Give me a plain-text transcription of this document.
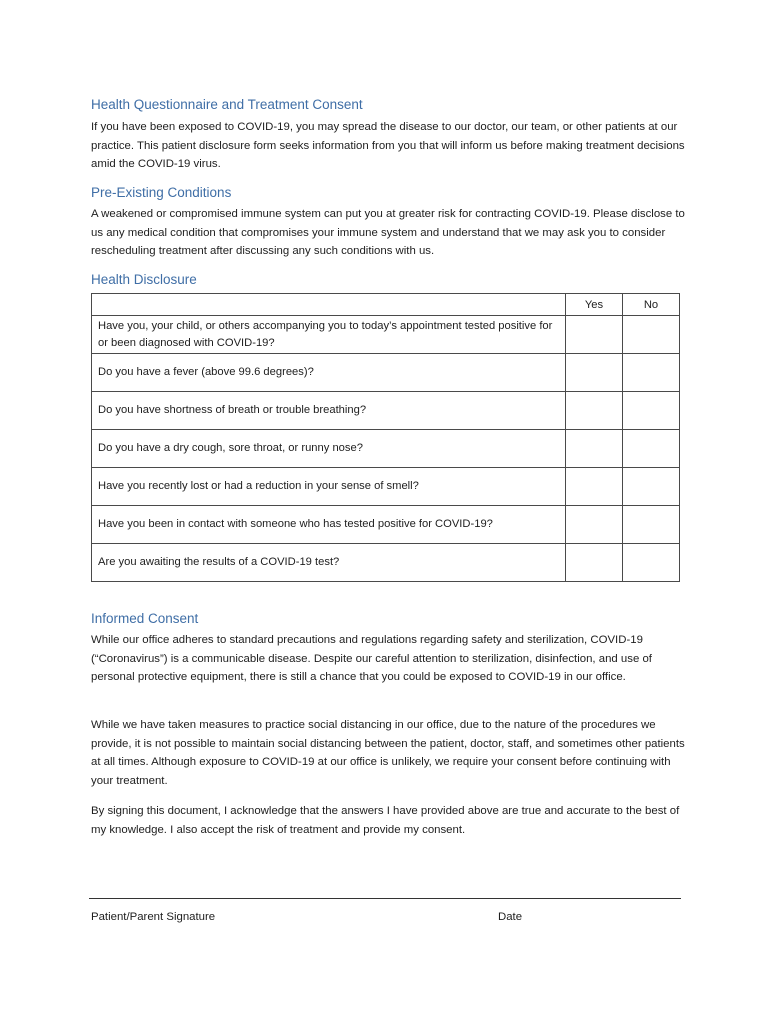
Health Questionnaire and Treatment Consent

If you have been exposed to COVID-19, you may spread the disease to our doctor, our team, or other patients at our practice. This patient disclosure form seeks information from you that will inform us before making treatment decisions amid the COVID-19 virus.

Pre-Existing Conditions

A weakened or compromised immune system can put you at greater risk for contracting COVID-19. Please disclose to us any medical condition that compromises your immune system and understand that we may ask you to consider rescheduling treatment after discussing any such conditions with us.

Health Disclosure
	Yes	No
Have you, your child, or others accompanying you to today’s appointment tested positive for or been diagnosed with COVID-19?		
Do you have a fever (above 99.6 degrees)?		
Do you have shortness of breath or trouble breathing?		
Do you have a dry cough, sore throat, or runny nose?		
Have you recently lost or had a reduction in your sense of smell?		
Have you been in contact with someone who has tested positive for COVID-19?		
Are you awaiting the results of a COVID-19 test?		
Informed Consent

While our office adheres to standard precautions and regulations regarding safety and sterilization, COVID-19 (“Coronavirus”) is a communicable disease. Despite our careful attention to sterilization, disinfection, and use of personal protective equipment, there is still a chance that you could be exposed to COVID-19 in our office.

While we have taken measures to practice social distancing in our office, due to the nature of the procedures we provide, it is not possible to maintain social distancing between the patient, doctor, staff, and sometimes other patients at all times. Although exposure to COVID-19 at our office is unlikely, we require your consent before continuing with your treatment.

By signing this document, I acknowledge that the answers I have provided above are true and accurate to the best of my knowledge. I also accept the risk of treatment and provide my consent.

Patient/Parent Signature	Date
